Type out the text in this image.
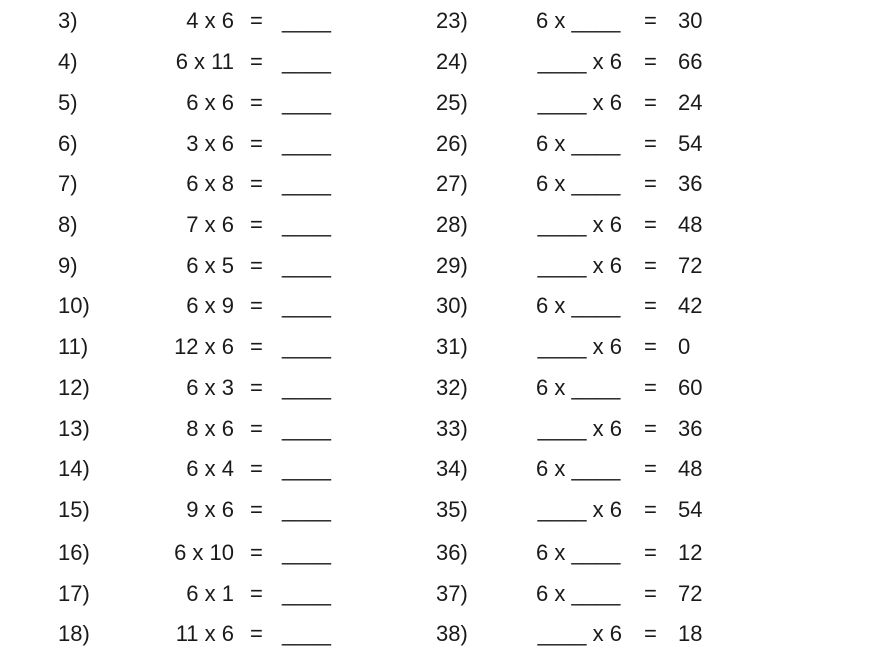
3)	4 x 6 = ____	23)	6 x ____ = 30
4)	6 x 11 = ____	24)	____ x 6 = 66
5)	6 x 6 = ____	25)	____ x 6 = 24
6)	3 x 6 = ____	26)	6 x ____ = 54
7)	6 x 8 = ____	27)	6 x ____ = 36
8)	7 x 6 = ____	28)	____ x 6 = 48
9)	6 x 5 = ____	29)	____ x 6 = 72
10)	6 x 9 = ____	30)	6 x ____ = 42
11)	12 x 6 = ____	31)	____ x 6 = 0
12)	6 x 3 = ____	32)	6 x ____ = 60
13)	8 x 6 = ____	33)	____ x 6 = 36
14)	6 x 4 = ____	34)	6 x ____ = 48
15)	9 x 6 = ____	35)	____ x 6 = 54
16)	6 x 10 = ____	36)	6 x ____ = 12
17)	6 x 1 = ____	37)	6 x ____ = 72
18)	11 x 6 = ____	38)	____ x 6 = 18
